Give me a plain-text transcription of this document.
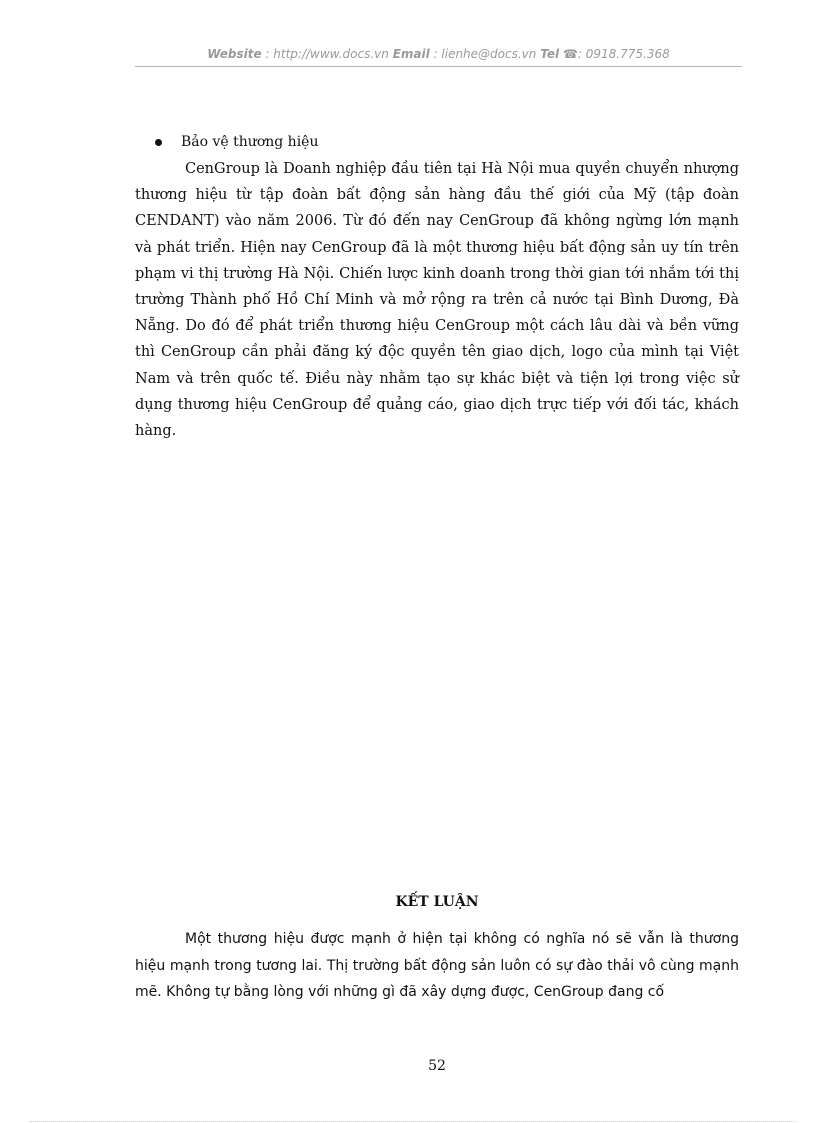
Website : http://www.docs.vn Email : lienhe@docs.vn Tel ☎: 0918.775.368
Bảo vệ thương hiệu

CenGroup là Doanh nghiệp đầu tiên tại Hà Nội mua quyền chuyển nhượng thương hiệu từ tập đoàn bất động sản hàng đầu thế giới của Mỹ (tập đoàn CENDANT) vào năm 2006. Từ đó đến nay CenGroup đã không ngừng lớn mạnh và phát triển. Hiện nay CenGroup đã là một thương hiệu bất động sản uy tín trên phạm vi thị trường Hà Nội. Chiến lược kinh doanh trong thời gian tới nhắm tới thị trường Thành phố Hồ Chí Minh và mở rộng ra trên cả nước tại Bình Dương, Đà Nẵng. Do đó để phát triển thương hiệu CenGroup một cách lâu dài và bền vững thì CenGroup cần phải đăng ký độc quyền tên giao dịch, logo của mình tại Việt Nam và trên quốc tế. Điều này nhằm tạo sự khác biệt và tiện lợi trong việc sử dụng thương hiệu CenGroup để quảng cáo, giao dịch trực tiếp với đối tác, khách hàng.

KẾT LUẬN

Một thương hiệu được mạnh ở hiện tại không có nghĩa nó sẽ vẫn là thương hiệu mạnh trong tương lai. Thị trường bất động sản luôn có sự đào thải vô cùng mạnh mẽ. Không tự bằng lòng với những gì đã xây dựng được, CenGroup đang cố

52
